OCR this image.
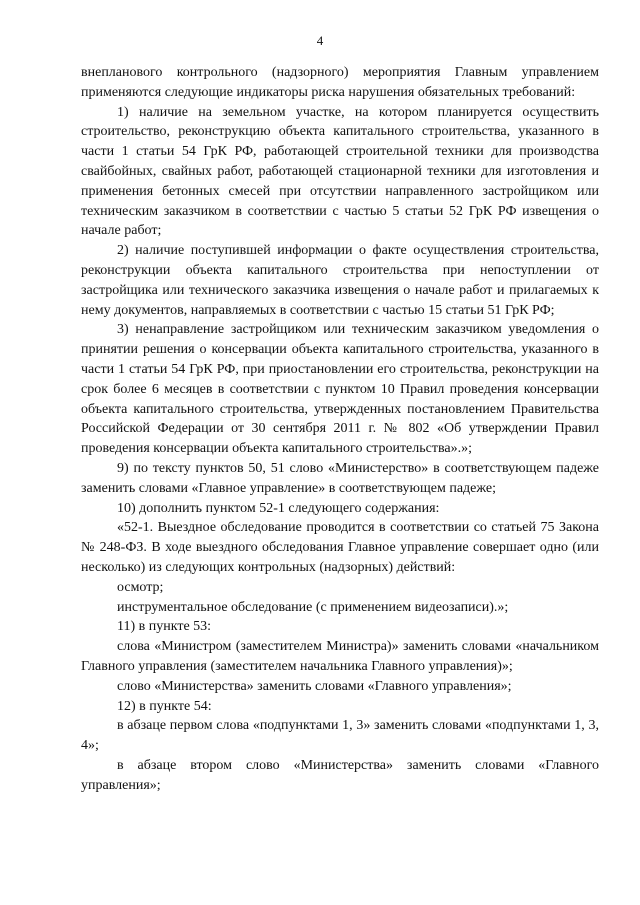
4

внепланового контрольного (надзорного) мероприятия Главным управлением применяются следующие индикаторы риска нарушения обязательных требований:

1) наличие на земельном участке, на котором планируется осуществить строительство, реконструкцию объекта капитального строительства, указанного в части 1 статьи 54 ГрК РФ, работающей строительной техники для производства свайбойных, свайных работ, работающей стационарной техники для изготовления и применения бетонных смесей при отсутствии направленного застройщиком или техническим заказчиком в соответствии с частью 5 статьи 52 ГрК РФ извещения о начале работ;

2) наличие поступившей информации о факте осуществления строительства, реконструкции объекта капитального строительства при непоступлении от застройщика или технического заказчика извещения о начале работ и прилагаемых к нему документов, направляемых в соответствии с частью 15 статьи 51 ГрК РФ;

3) ненаправление застройщиком или техническим заказчиком уведомления о принятии решения о консервации объекта капитального строительства, указанного в части 1 статьи 54 ГрК РФ, при приостановлении его строительства, реконструкции на срок более 6 месяцев в соответствии с пунктом 10 Правил проведения консервации объекта капитального строительства, утвержденных постановлением Правительства Российской Федерации от 30 сентября 2011 г. № 802 «Об утверждении Правил проведения консервации объекта капитального строительства».»;

9) по тексту пунктов 50, 51 слово «Министерство» в соответствующем падеже заменить словами «Главное управление» в соответствующем падеже;

10) дополнить пунктом 52-1 следующего содержания:

«52-1. Выездное обследование проводится в соответствии со статьей 75 Закона № 248-ФЗ. В ходе выездного обследования Главное управление совершает одно (или несколько) из следующих контрольных (надзорных) действий:

осмотр;

инструментальное обследование (с применением видеозаписи).»;

11) в пункте 53:

слова «Министром (заместителем Министра)» заменить словами «начальником Главного управления (заместителем начальника Главного управления)»;

слово «Министерства» заменить словами «Главного управления»;

12) в пункте 54:

в абзаце первом слова «подпунктами 1, 3» заменить словами «подпунктами 1, 3, 4»;

в абзаце втором слово «Министерства» заменить словами «Главного управления»;
